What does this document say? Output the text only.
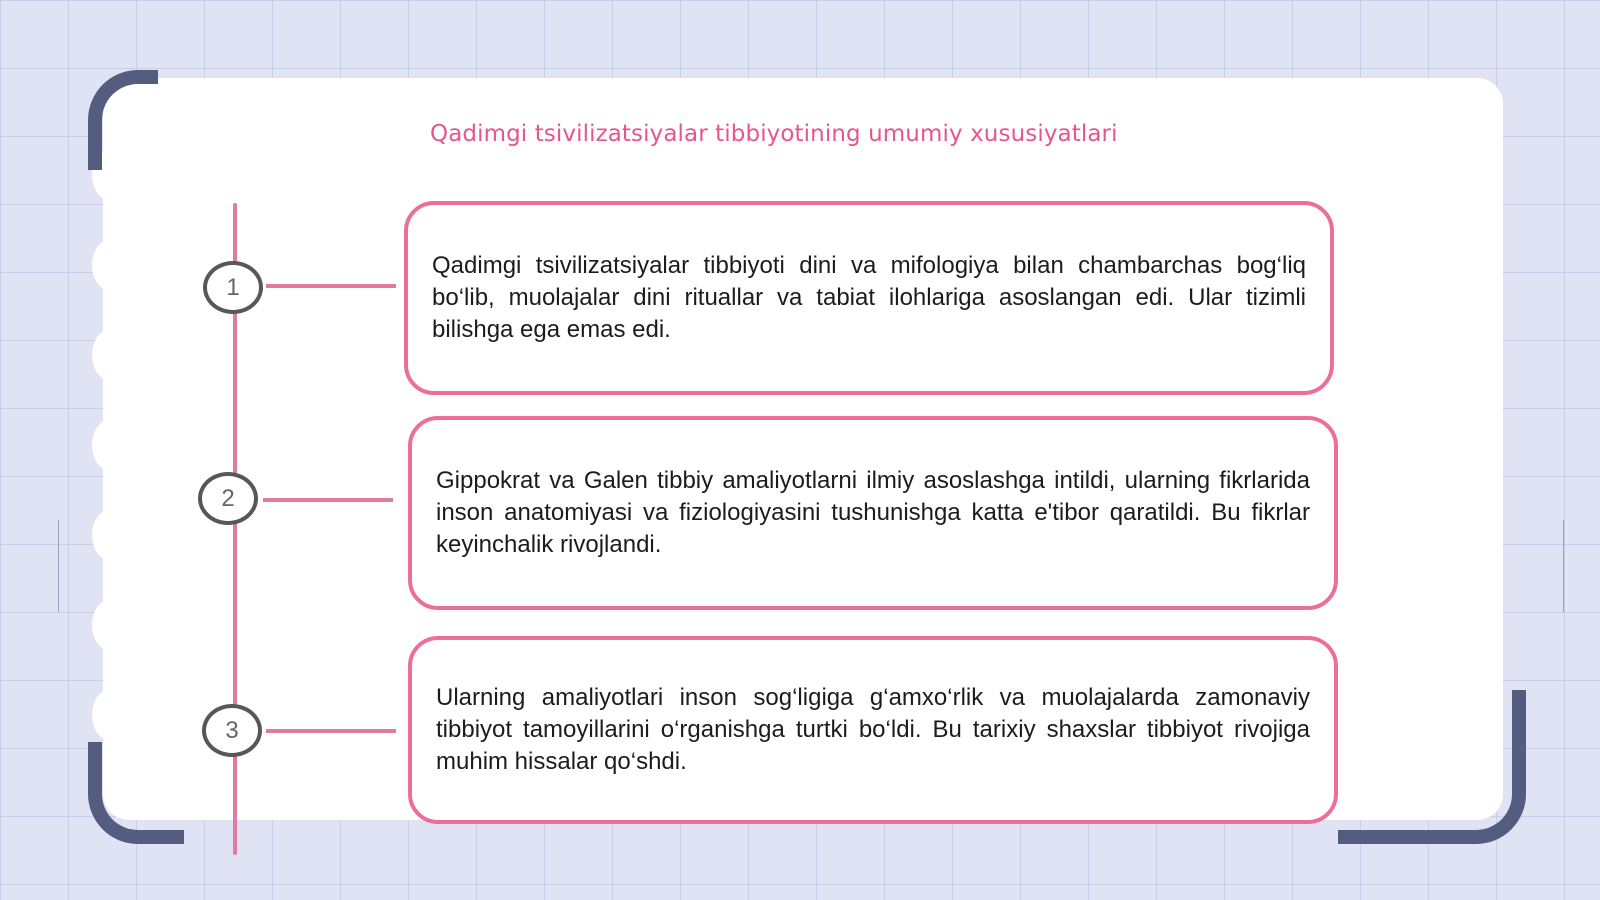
Qadimgi tsivilizatsiyalar tibbiyotining umumiy xususiyatlari
1

Qadimgi tsivilizatsiyalar tibbiyoti dini va mifologiya bilan chambarchas bog‘liq bo‘lib, muolajalar dini rituallar va tabiat ilohlariga asoslangan edi. Ular tizimli bilishga ega emas edi.

2

Gippokrat va Galen tibbiy amaliyotlarni ilmiy asoslashga intildi, ularning fikrlarida inson anatomiyasi va fiziologiyasini tushunishga katta e'tibor qaratildi. Bu fikrlar keyinchalik rivojlandi.

3

Ularning amaliyotlari inson sog‘ligiga g‘amxo‘rlik va muolajalarda zamonaviy tibbiyot tamoyillarini o‘rganishga turtki bo‘ldi. Bu tarixiy shaxslar tibbiyot rivojiga muhim hissalar qo‘shdi.
